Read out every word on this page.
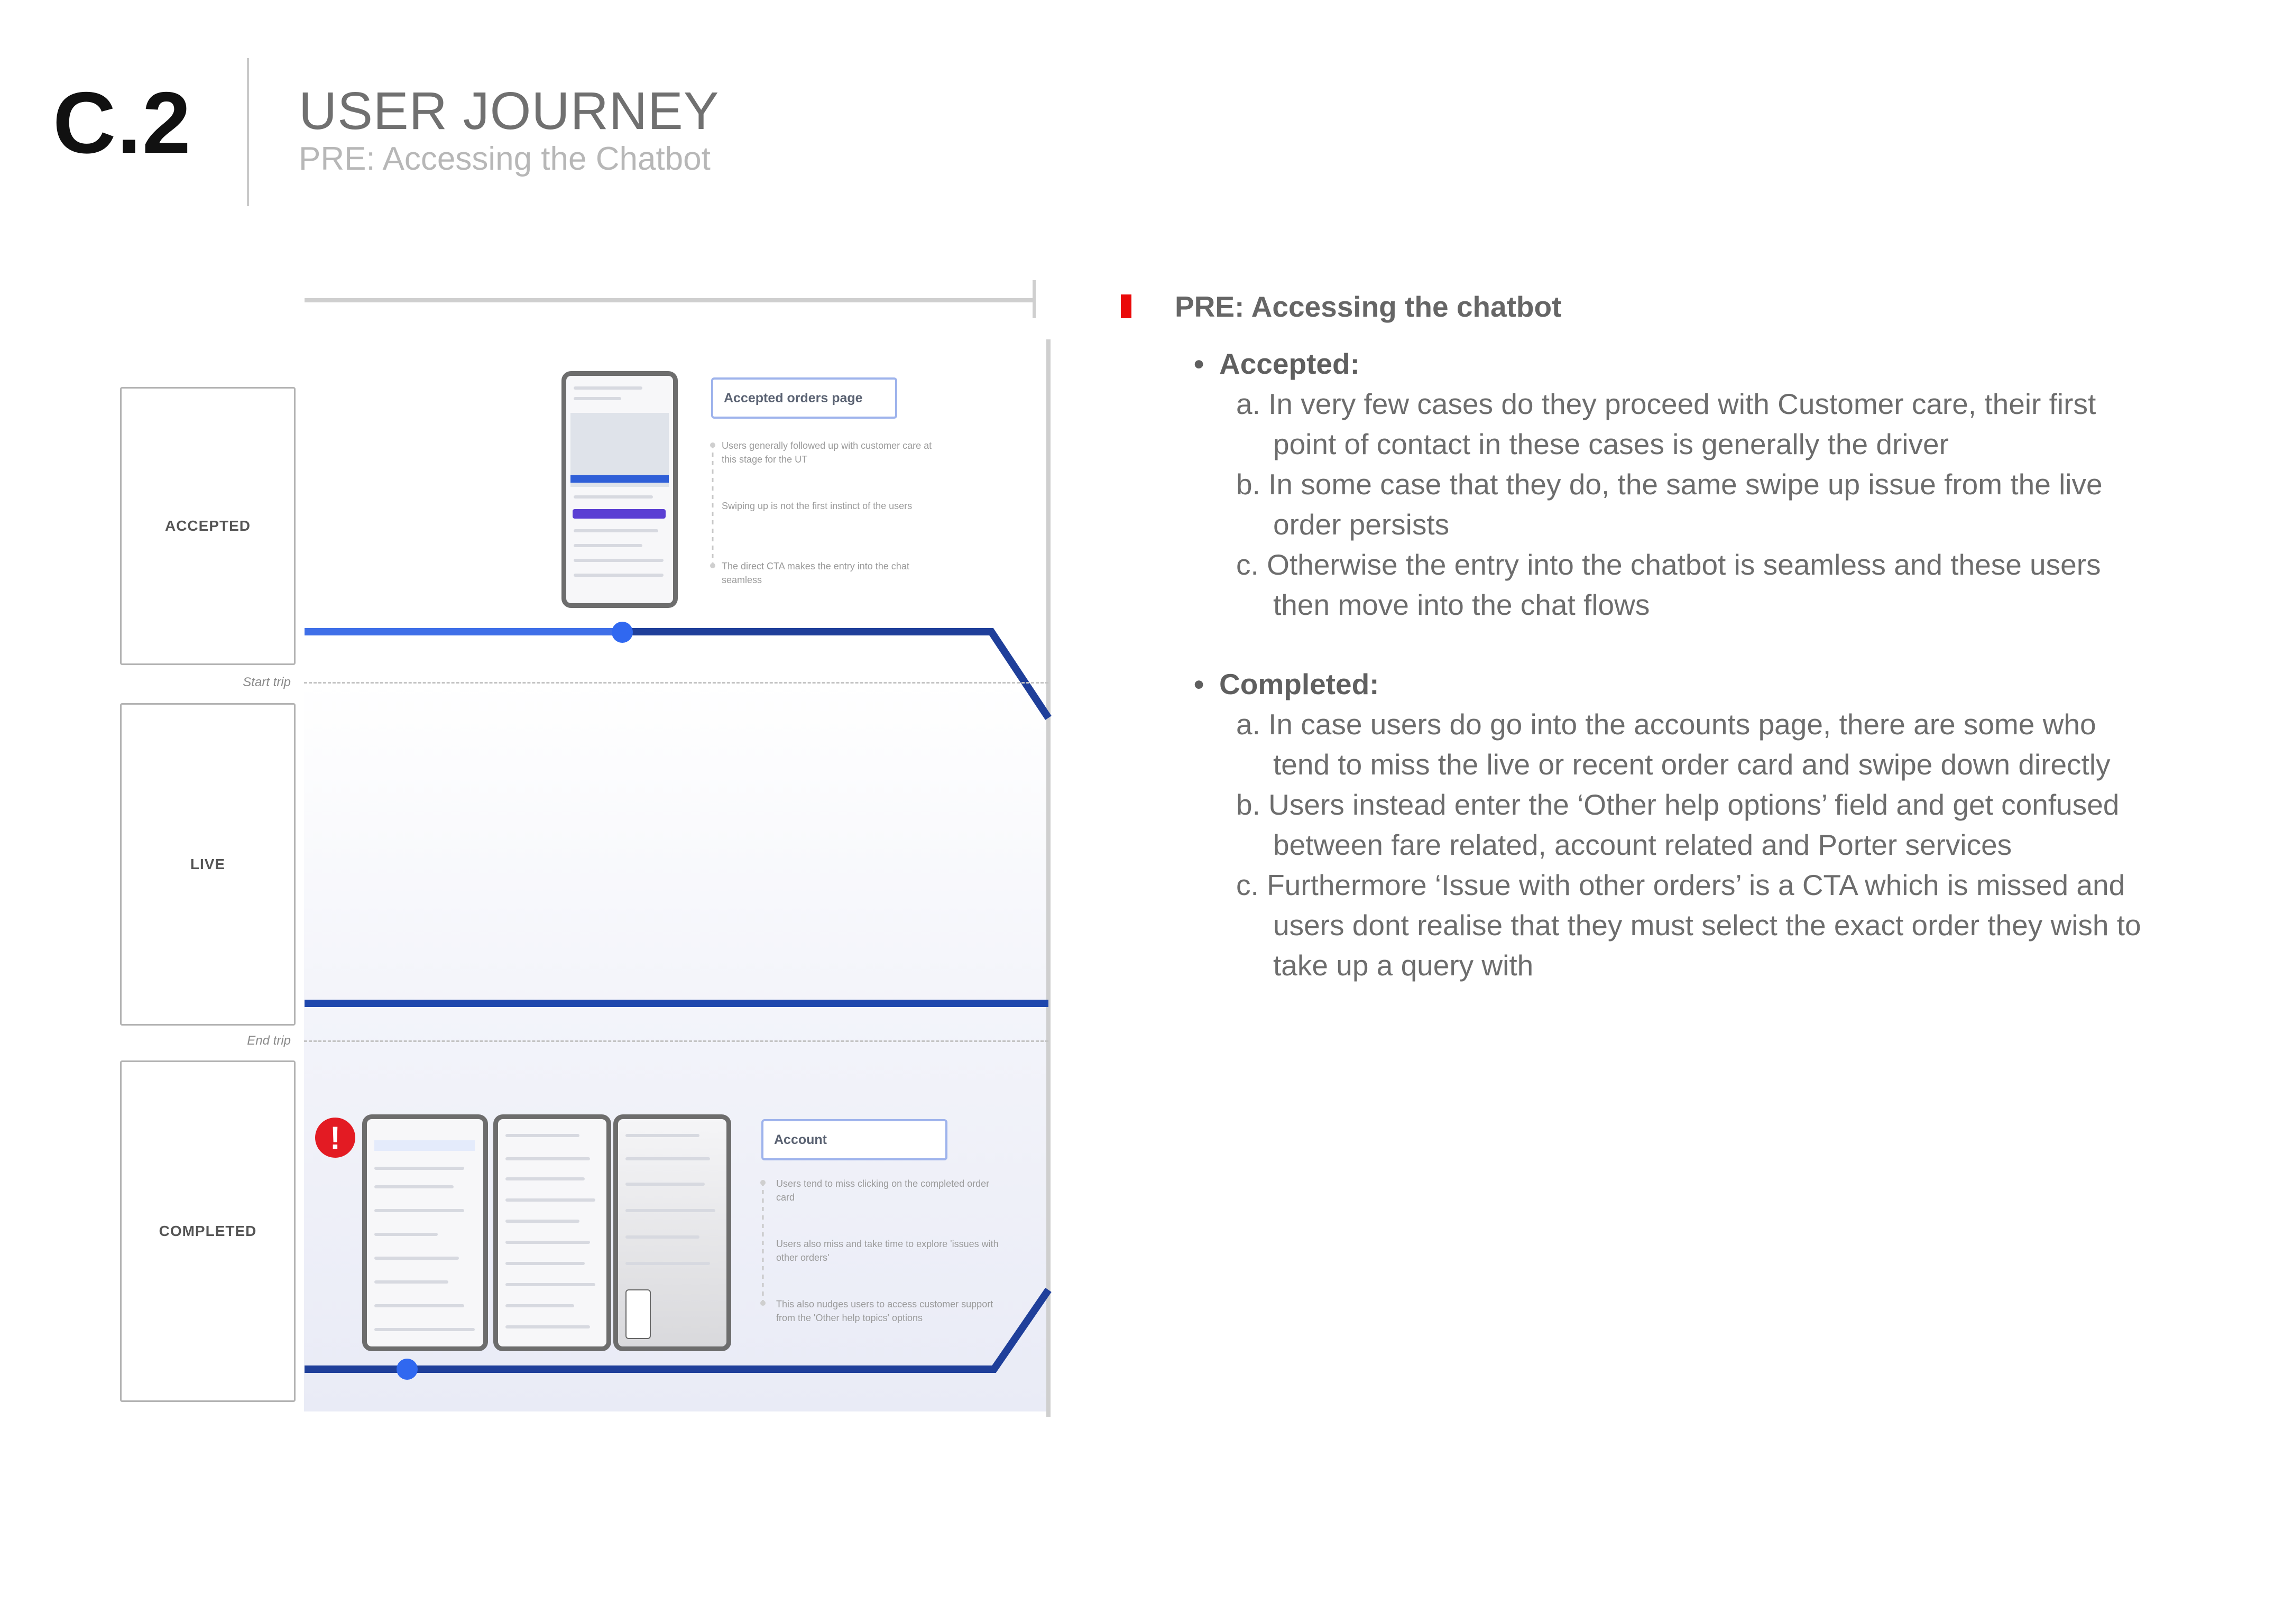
C.2 USER JOURNEY
PRE: Accessing the Chatbot
ACCEPTED
LIVE
COMPLETED
Start trip
End trip
Accepted orders page
Users generally followed up with customer care at this stage for the UT
Swiping up is not the first instinct of the users
The direct CTA makes the entry into the chat seamless
!	Account
Users tend to miss clicking on the completed order card
Users also miss and take time to explore 'issues with other orders'
This also nudges users to access customer support from the 'Other help topics' options
PRE: Accessing the chatbot
• Accepted:
a. In very few cases do they proceed with Customer care, their first point of contact in these cases is generally the driver
b. In some case that they do, the same swipe up issue from the live order persists
c. Otherwise the entry into the chatbot is seamless and these users then move into the chat flows
• Completed:
a. In case users do go into the accounts page, there are some who tend to miss the live or recent order card and swipe down directly
b. Users instead enter the ‘Other help options’ field and get confused between fare related, account related and Porter services
c. Furthermore ‘Issue with other orders’ is a CTA which is missed and users dont realise that they must select the exact order they wish to take up a query with
